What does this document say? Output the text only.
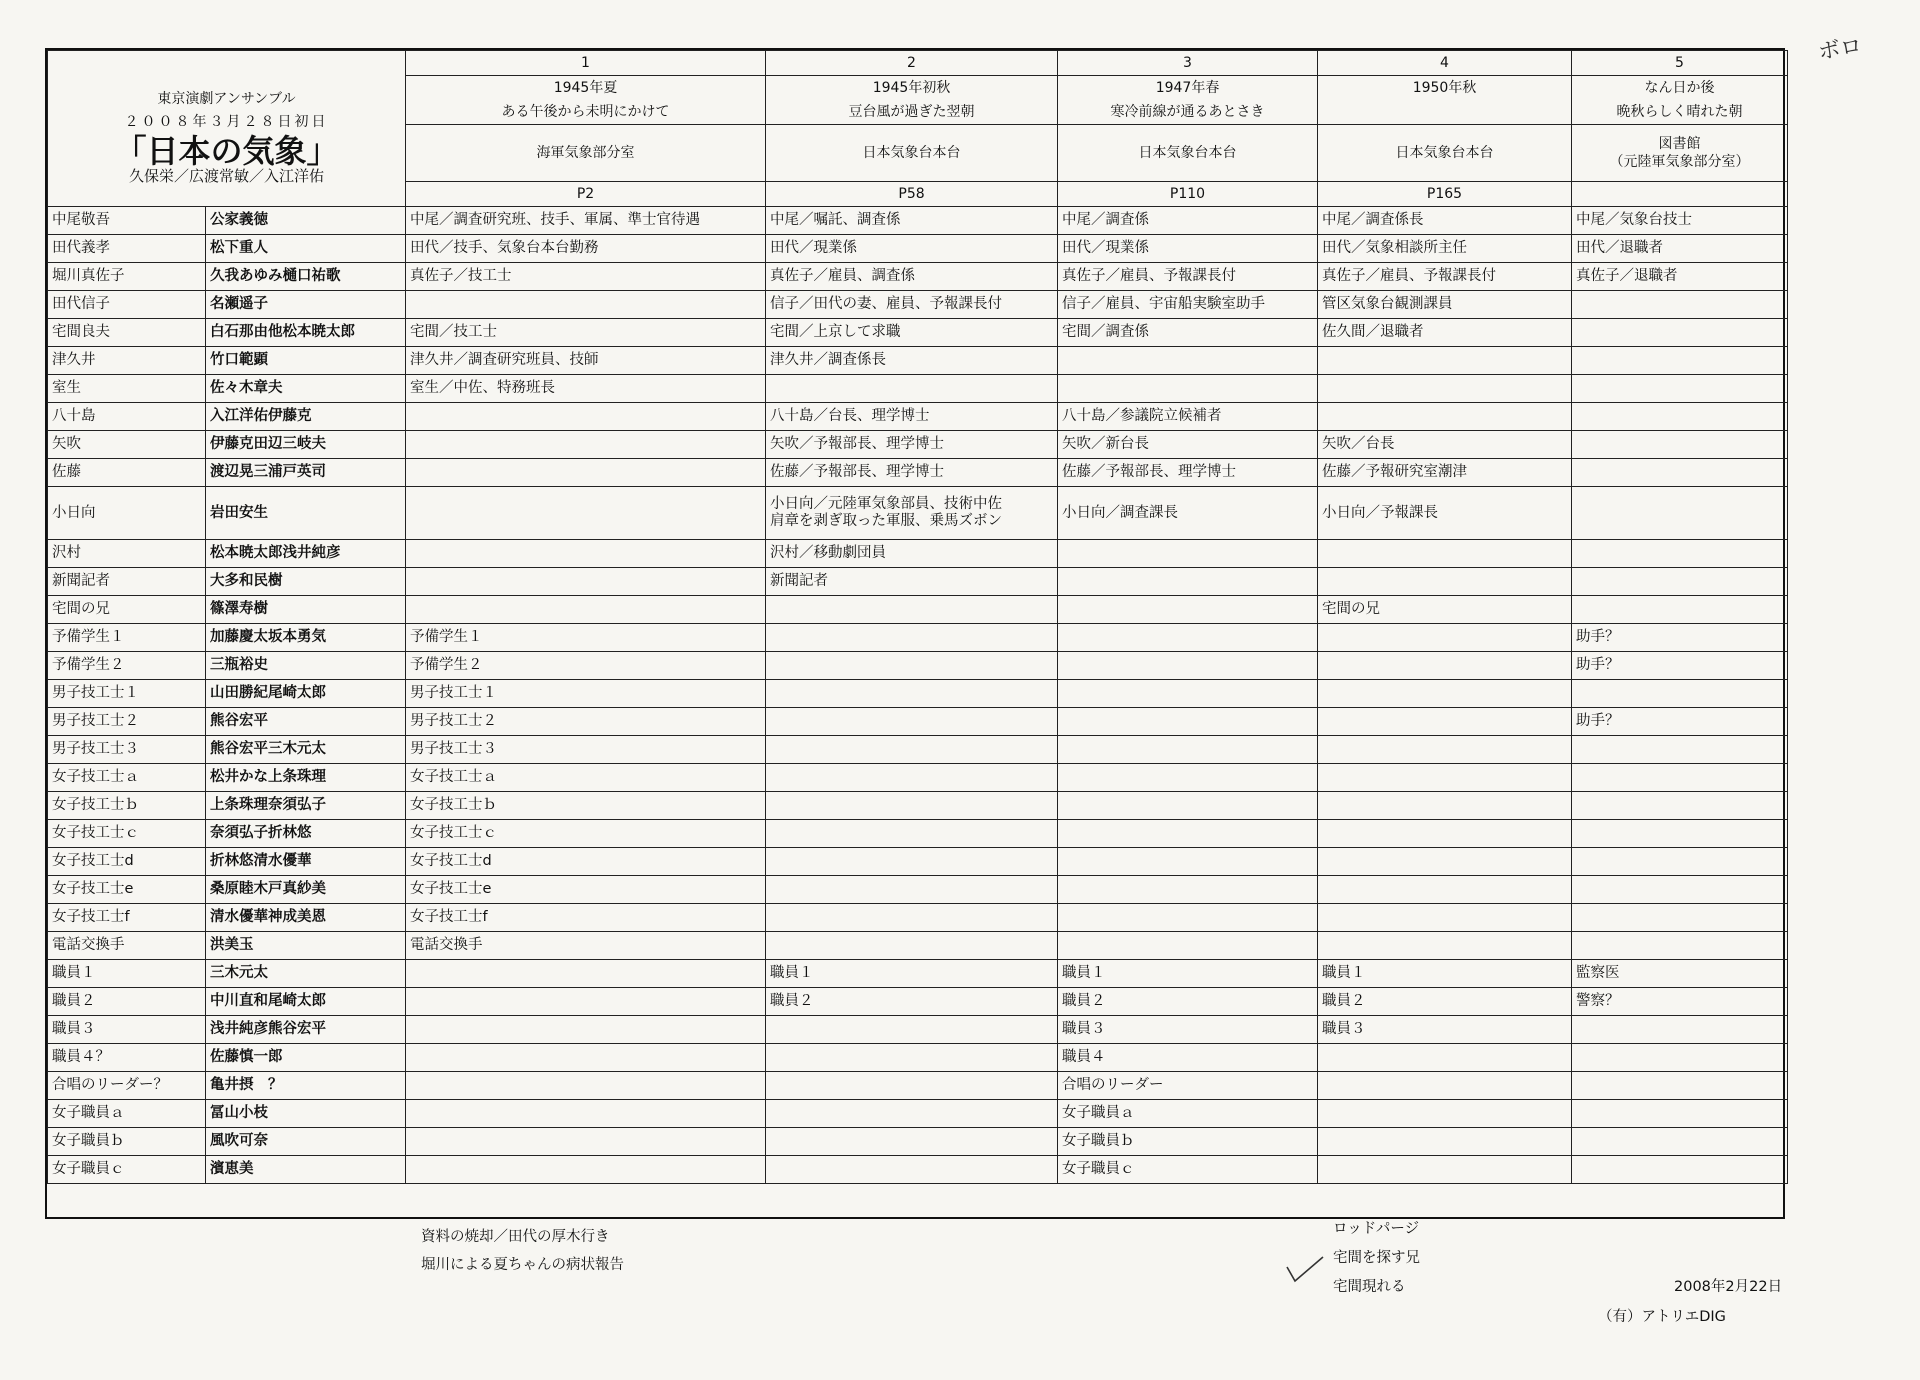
東京演劇アンサンブル
２００８年３月２８日初日
「日本の気象」
久保栄／広渡常敏／入江洋佑		1	2	3	4	5
		1945年夏	1945年初秋	1947年春	1950年秋	なん日か後
		ある午後から未明にかけて	豆台風が過ぎた翌朝	寒冷前線が通るあとさき		晩秋らしく晴れた朝
		海軍気象部分室	日本気象台本台	日本気象台本台	日本気象台本台	図書館
（元陸軍気象部分室）
		P2	P58	P110	P165	
中尾敬吾	公家義徳	中尾／調査研究班、技手、軍属、準士官待遇	中尾／嘱託、調査係	中尾／調査係	中尾／調査係長	中尾／気象台技士
田代義孝	松下重人	田代／技手、気象台本台勤務	田代／現業係	田代／現業係	田代／気象相談所主任	田代／退職者
堀川真佐子	久我あゆみ樋口祐歌	真佐子／技工士	真佐子／雇員、調査係	真佐子／雇員、予報課長付	真佐子／雇員、予報課長付	真佐子／退職者
田代信子	名瀬遥子		信子／田代の妻、雇員、予報課長付	信子／雇員、宇宙船実験室助手	管区気象台観測課員	
宅間良夫	白石那由他松本暁太郎	宅間／技工士	宅間／上京して求職	宅間／調査係	佐久間／退職者	
津久井	竹口範顕	津久井／調査研究班員、技師	津久井／調査係長			
室生	佐々木章夫	室生／中佐、特務班長				
八十島	入江洋佑伊藤克		八十島／台長、理学博士	八十島／参議院立候補者		
矢吹	伊藤克田辺三岐夫		矢吹／予報部長、理学博士	矢吹／新台長	矢吹／台長	
佐藤	渡辺晃三浦戸英司		佐藤／予報部長、理学博士	佐藤／予報部長、理学博士	佐藤／予報研究室潮津	
小日向	岩田安生		小日向／元陸軍気象部員、技術中佐
肩章を剥ぎ取った軍服、乗馬ズボン	小日向／調査課長	小日向／予報課長	
沢村	松本暁太郎浅井純彦		沢村／移動劇団員			
新聞記者	大多和民樹		新聞記者			
宅間の兄	篠澤寿樹				宅間の兄	
予備学生１	加藤慶太坂本勇気	予備学生１				助手？
予備学生２	三瓶裕史	予備学生２				助手？
男子技工士１	山田勝紀尾崎太郎	男子技工士１				
男子技工士２	熊谷宏平	男子技工士２				助手？
男子技工士３	熊谷宏平三木元太	男子技工士３				
女子技工士ａ	松井かな上条珠理	女子技工士ａ				
女子技工士ｂ	上条珠理奈須弘子	女子技工士ｂ				
女子技工士ｃ	奈須弘子折林悠	女子技工士ｃ				
女子技工士d	折林悠清水優華	女子技工士d				
女子技工士e	桑原睦木戸真紗美	女子技工士e				
女子技工士f	清水優華神成美恩	女子技工士f				
電話交換手	洪美玉	電話交換手				
職員１	三木元太		職員１	職員１	職員１	監察医
職員２	中川直和尾崎太郎		職員２	職員２	職員２	警察？
職員３	浅井純彦熊谷宏平			職員３	職員３	
職員４？	佐藤慎一郎			職員４		
合唱のリーダー？	亀井摂　？			合唱のリーダー		
女子職員ａ	冨山小枝			女子職員ａ		
女子職員ｂ	風吹可奈			女子職員ｂ		
女子職員ｃ	濱恵美			女子職員ｃ		
資料の焼却／田代の厚木行き
堀川による夏ちゃんの病状報告
ロッドパージ
宅間を探す兄
宅間現れる	2008年2月22日
（有）アトリエDIG
ボロ
